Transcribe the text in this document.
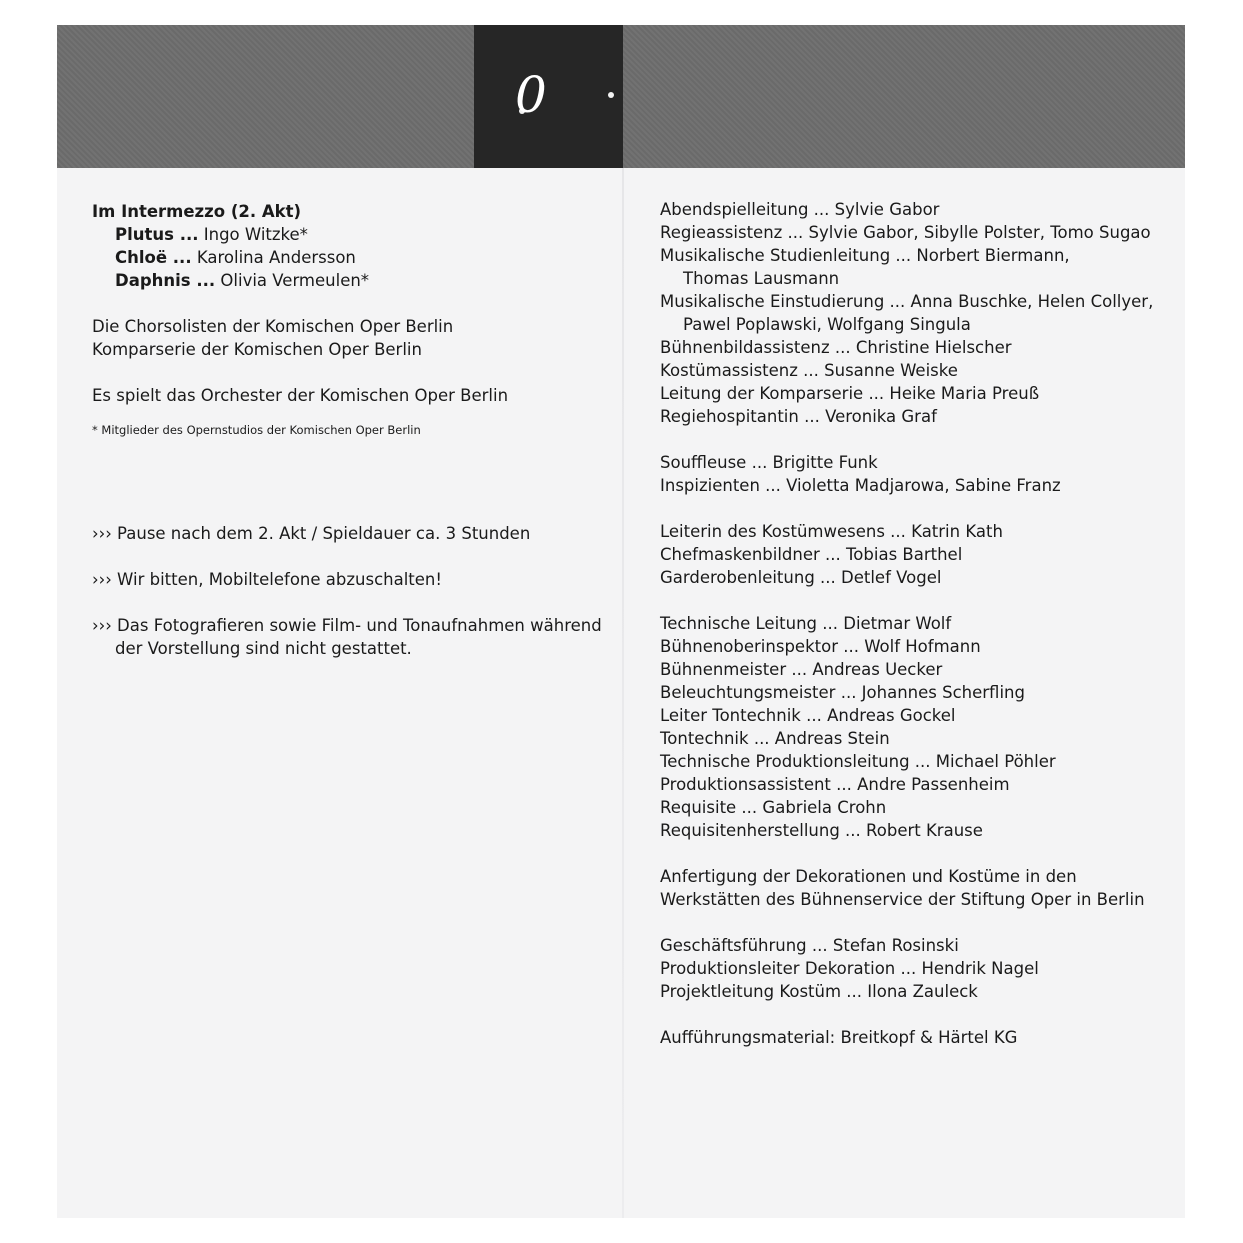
0
Im Intermezzo (2. Akt)
Plutus ... Ingo Witzke*
Chloë ... Karolina Andersson
Daphnis ... Olivia Vermeulen*
Die Chorsolisten der Komischen Oper Berlin
Komparserie der Komischen Oper Berlin
Es spielt das Orchester der Komischen Oper Berlin
* Mitglieder des Opernstudios der Komischen Oper Berlin
››› Pause nach dem 2. Akt / Spieldauer ca. 3 Stunden
››› Wir bitten, Mobiltelefone abzuschalten!
››› Das Fotografieren sowie Film- und Tonaufnahmen während
der Vorstellung sind nicht gestattet.
Abendspielleitung ... Sylvie Gabor
Regieassistenz ... Sylvie Gabor, Sibylle Polster, Tomo Sugao
Musikalische Studienleitung ... Norbert Biermann,
Thomas Lausmann
Musikalische Einstudierung ... Anna Buschke, Helen Collyer,
Pawel Poplawski, Wolfgang Singula
Bühnenbildassistenz ... Christine Hielscher
Kostümassistenz ... Susanne Weiske
Leitung der Komparserie ... Heike Maria Preuß
Regiehospitantin ... Veronika Graf
Souffleuse ... Brigitte Funk
Inspizienten ... Violetta Madjarowa, Sabine Franz
Leiterin des Kostümwesens ... Katrin Kath
Chefmaskenbildner ... Tobias Barthel
Garderobenleitung ... Detlef Vogel
Technische Leitung ... Dietmar Wolf
Bühnenoberinspektor ... Wolf Hofmann
Bühnenmeister ... Andreas Uecker
Beleuchtungsmeister ... Johannes Scherfling
Leiter Tontechnik ... Andreas Gockel
Tontechnik ... Andreas Stein
Technische Produktionsleitung ... Michael Pöhler
Produktionsassistent ... Andre Passenheim
Requisite ... Gabriela Crohn
Requisitenherstellung ... Robert Krause
Anfertigung der Dekorationen und Kostüme in den
Werkstätten des Bühnenservice der Stiftung Oper in Berlin
Geschäftsführung ... Stefan Rosinski
Produktionsleiter Dekoration ... Hendrik Nagel
Projektleitung Kostüm ... Ilona Zauleck
Aufführungsmaterial: Breitkopf & Härtel KG
